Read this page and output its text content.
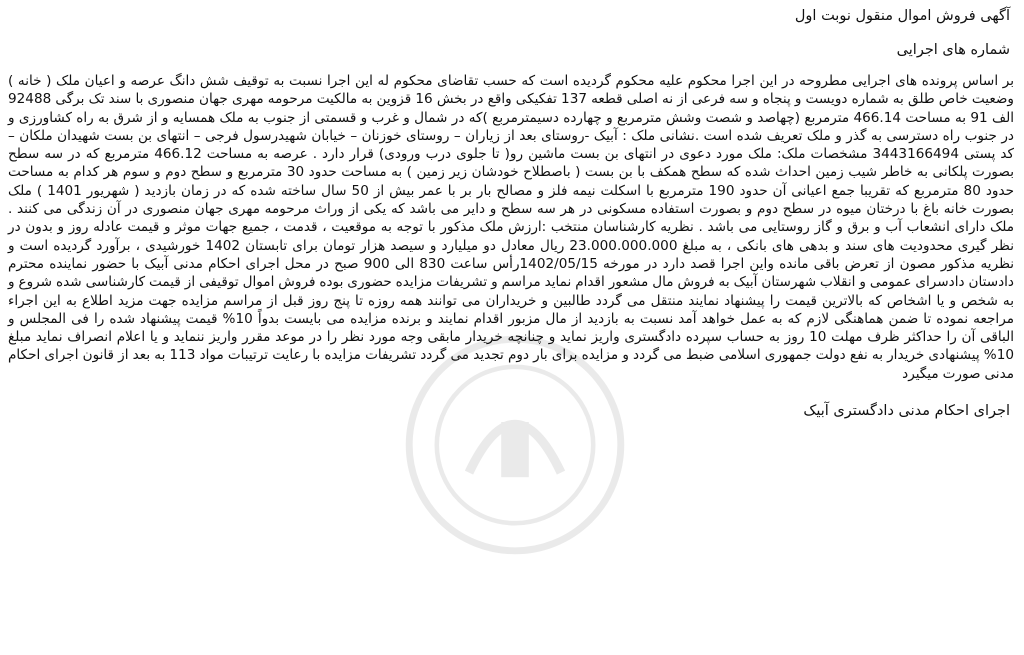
آگهی فروش اموال منقول نوبت اول
شماره های اجرایی

بر اساس پرونده های اجرایی مطروحه در این اجرا محکوم علیه محکوم گردیده است که حسب تقاضای محکوم له این اجرا نسبت به توقیف شش دانگ عرصه و اعیان ملک ( خانه ) وضعیت خاص طلق به شماره دویست و پنجاه و سه فرعی از نه اصلی قطعه 137 تفکیکی واقع در بخش 16 قزوین به مالکیت مرحومه مهری جهان منصوری با سند تک برگی 92488 الف 91 به مساحت 466.14 مترمربع (چهاصد و شصت وشش مترمربع و چهارده دسیمترمربع )که در شمال و غرب و قسمتی از جنوب به ملک همسایه و از شرق به راه کشاورزی و در جنوب راه دسترسی به گذر و ملک تعریف شده است .نشانی ملک : آبیک -روستای بعد از زیاران – روستای خوزنان – خیابان شهیدرسول فرجی – انتهای بن بست شهیدان ملکان – کد پستی 3443166494 مشخصات ملک: ملک مورد دعوی در انتهای بن بست ماشین رو( تا جلوی درب ورودی) قرار دارد . عرصه به مساحت 466.12 مترمربع که در سه سطح بصورت پلکانی به خاطر شیب زمین احداث شده که سطح همکف با بن بست ( باصطلاح خودشان زیر زمین ) به مساحت حدود 30 مترمربع و سطح دوم و سوم هر کدام به مساحت حدود 80 مترمربع که تقریبا جمع اعیانی آن حدود 190 مترمربع با اسکلت نیمه فلز و مصالح بار بر با عمر بیش از 50 سال ساخته شده که در زمان بازدید ( شهریور 1401 ) ملک بصورت خانه باغ با درختان میوه در سطح دوم و بصورت استفاده مسکونی در هر سه سطح و دایر می باشد که یکی از وراث مرحومه مهری جهان منصوری در آن زندگی می کنند . ملک دارای انشعاب آب و برق و گاز روستایی می باشد . نظریه کارشناسان منتخب :ارزش ملک مذکور با توجه به موقعیت ، قدمت ، جمیع جهات موثر و قیمت عادله روز و بدون در نظر گیری محدودیت های سند و بدهی های بانکی ، به مبلغ 23.000.000.000 ریال معادل دو میلیارد و سیصد هزار تومان برای تابستان 1402 خورشیدی ، برآورد گردیده است و نظریه مذکور مصون از تعرض باقی مانده واین اجرا قصد دارد در مورخه 1402/05/15رأس ساعت 830 الی 900 صبح در محل اجرای احکام مدنی آبیک با حضور نماینده محترم دادستان دادسرای عمومی و انقلاب شهرستان آبیک به فروش مال مشعور اقدام نماید مراسم و تشریفات مزایده حضوری بوده فروش اموال توقیفی از قیمت کارشناسی شده شروع و به شخص و یا اشخاص که بالاترین قیمت را پیشنهاد نمایند منتقل می گردد طالبین و خریداران می توانند همه روزه تا پنج روز قبل از مراسم مزایده جهت مزید اطلاع به این اجراء مراجعه نموده تا ضمن هماهنگی لازم که به عمل خواهد آمد نسبت به بازدید از مال مزبور اقدام نمایند و برنده مزایده می بایست بدواً 10% قیمت پیشنهاد شده را فی المجلس و الباقی آن را حداکثر ظرف مهلت 10 روز به حساب سپرده دادگستری واریز نماید و چنانچه خریدار مابقی وجه مورد نظر را در موعد مقرر واریز ننماید و یا اعلام انصراف نماید مبلغ 10% پیشنهادی خریدار به نفع دولت جمهوری اسلامی ضبط می گردد و مزایده برای بار دوم تجدید می گردد تشریفات مزایده با رعایت ترتیبات مواد 113 به بعد از قانون اجرای احکام مدنی صورت میگیرد

اجرای احکام مدنی دادگستری آبیک
